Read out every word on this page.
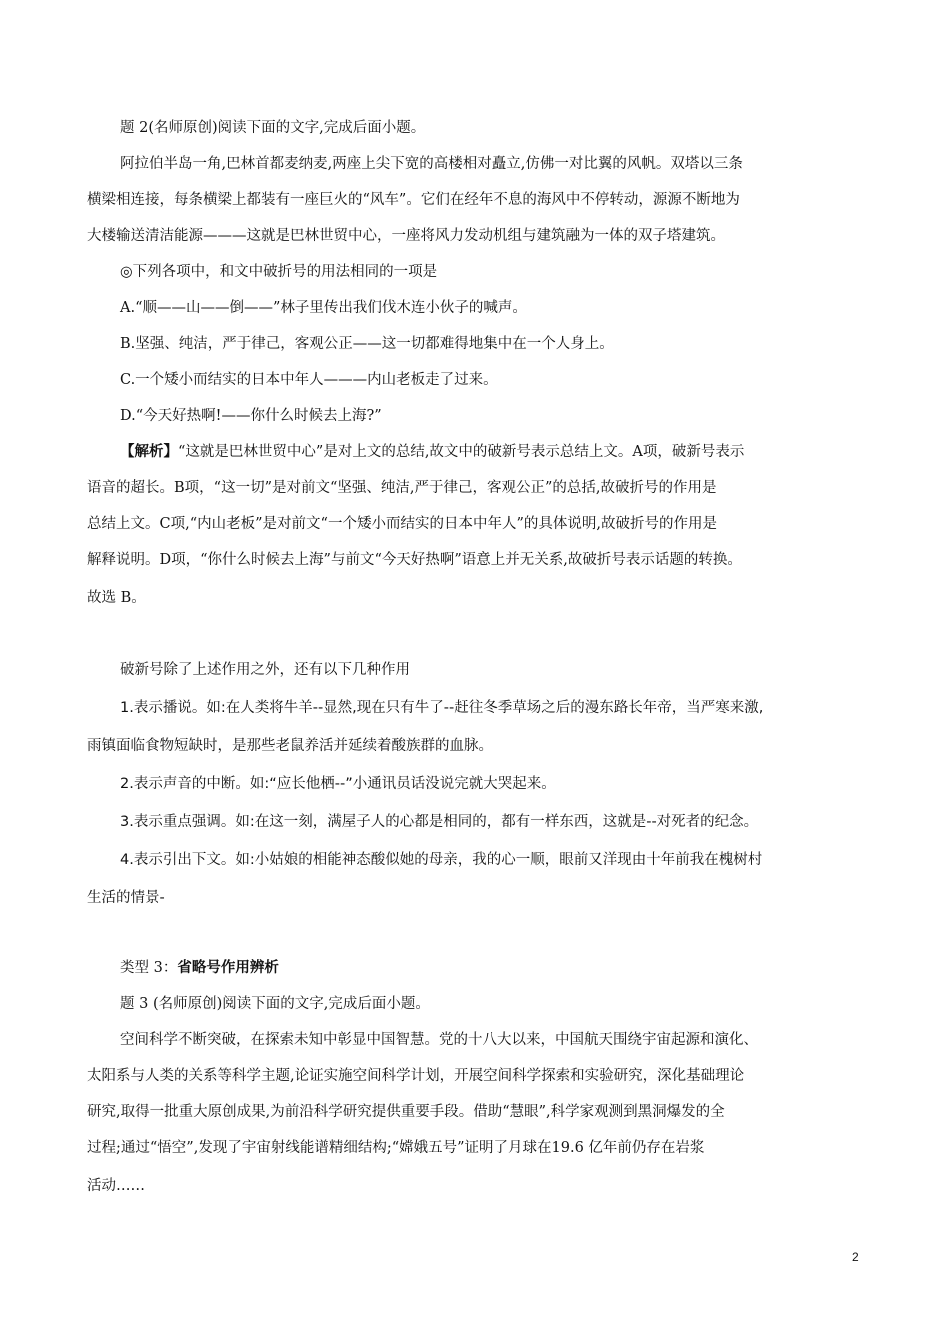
题 2(名师原创)阅读下面的文字,完成后面小题。
阿拉伯半岛一角,巴林首都麦纳麦,两座上尖下宽的高楼相对矗立,仿佛一对比翼的风帆。双塔以三条
横梁相连接，每条横梁上都装有一座巨火的“风车”。它们在经年不息的海风中不停转动，源源不断地为
大楼输送清洁能源———这就是巴林世贸中心，一座将风力发动机组与建筑融为一体的双子塔建筑。
◎下列各项中，和文中破折号的用法相同的一项是
A.“顺——山——倒——”林子里传出我们伐木连小伙子的喊声。
B.坚强、纯洁，严于律己，客观公正——这一切都难得地集中在一个人身上。
C.一个矮小而结实的日本中年人———内山老板走了过来。
D.“今天好热啊!——你什么时候去上海?”
【解析】“这就是巴林世贸中心”是对上文的总结,故文中的破新号表示总结上文。A项，破新号表示
语音的超长。B项，“这一切”是对前文“坚强、纯洁,严于律己，客观公正”的总括,故破折号的作用是
总结上文。C项,“内山老板”是对前文“一个矮小而结实的日本中年人”的具体说明,故破折号的作用是
解释说明。D项，“你什么时候去上海”与前文“今天好热啊”语意上并无关系,故破折号表示话题的转换。
故选 B。
破新号除了上述作用之外，还有以下几种作用
1.表示播说。如:在人类将牛羊--显然,现在只有牛了--赶往冬季草场之后的漫东路长年帝，当严寒来激,
雨镇面临食物短缺时，是那些老鼠养活并延续着酸族群的血脉。
2.表示声音的中断。如:“应长他栖--”小通讯员话没说完就大哭起来。
3.表示重点强调。如:在这一刻，满屋子人的心都是相同的，都有一样东西，这就是--对死者的纪念。
4.表示引出下文。如:小姑娘的相能神态酸似她的母亲，我的心一顺，眼前又洋现由十年前我在槐树村
生活的情景-
类型 3：省略号作用辨析
题 3 (名师原创)阅读下面的文字,完成后面小题。
空间科学不断突破，在探索未知中彰显中国智慧。党的十八大以来，中国航天围绕宇宙起源和演化、
太阳系与人类的关系等科学主题,论证实施空间科学计划，开展空间科学探索和实验研究，深化基础理论
研究,取得一批重大原创成果,为前沿科学研究提供重要手段。借助“慧眼”,科学家观测到黑洞爆发的全
过程;通过“悟空”,发现了宇宙射线能谱精细结构;“嫦娥五号”证明了月球在19.6 亿年前仍存在岩浆
活动……
2
